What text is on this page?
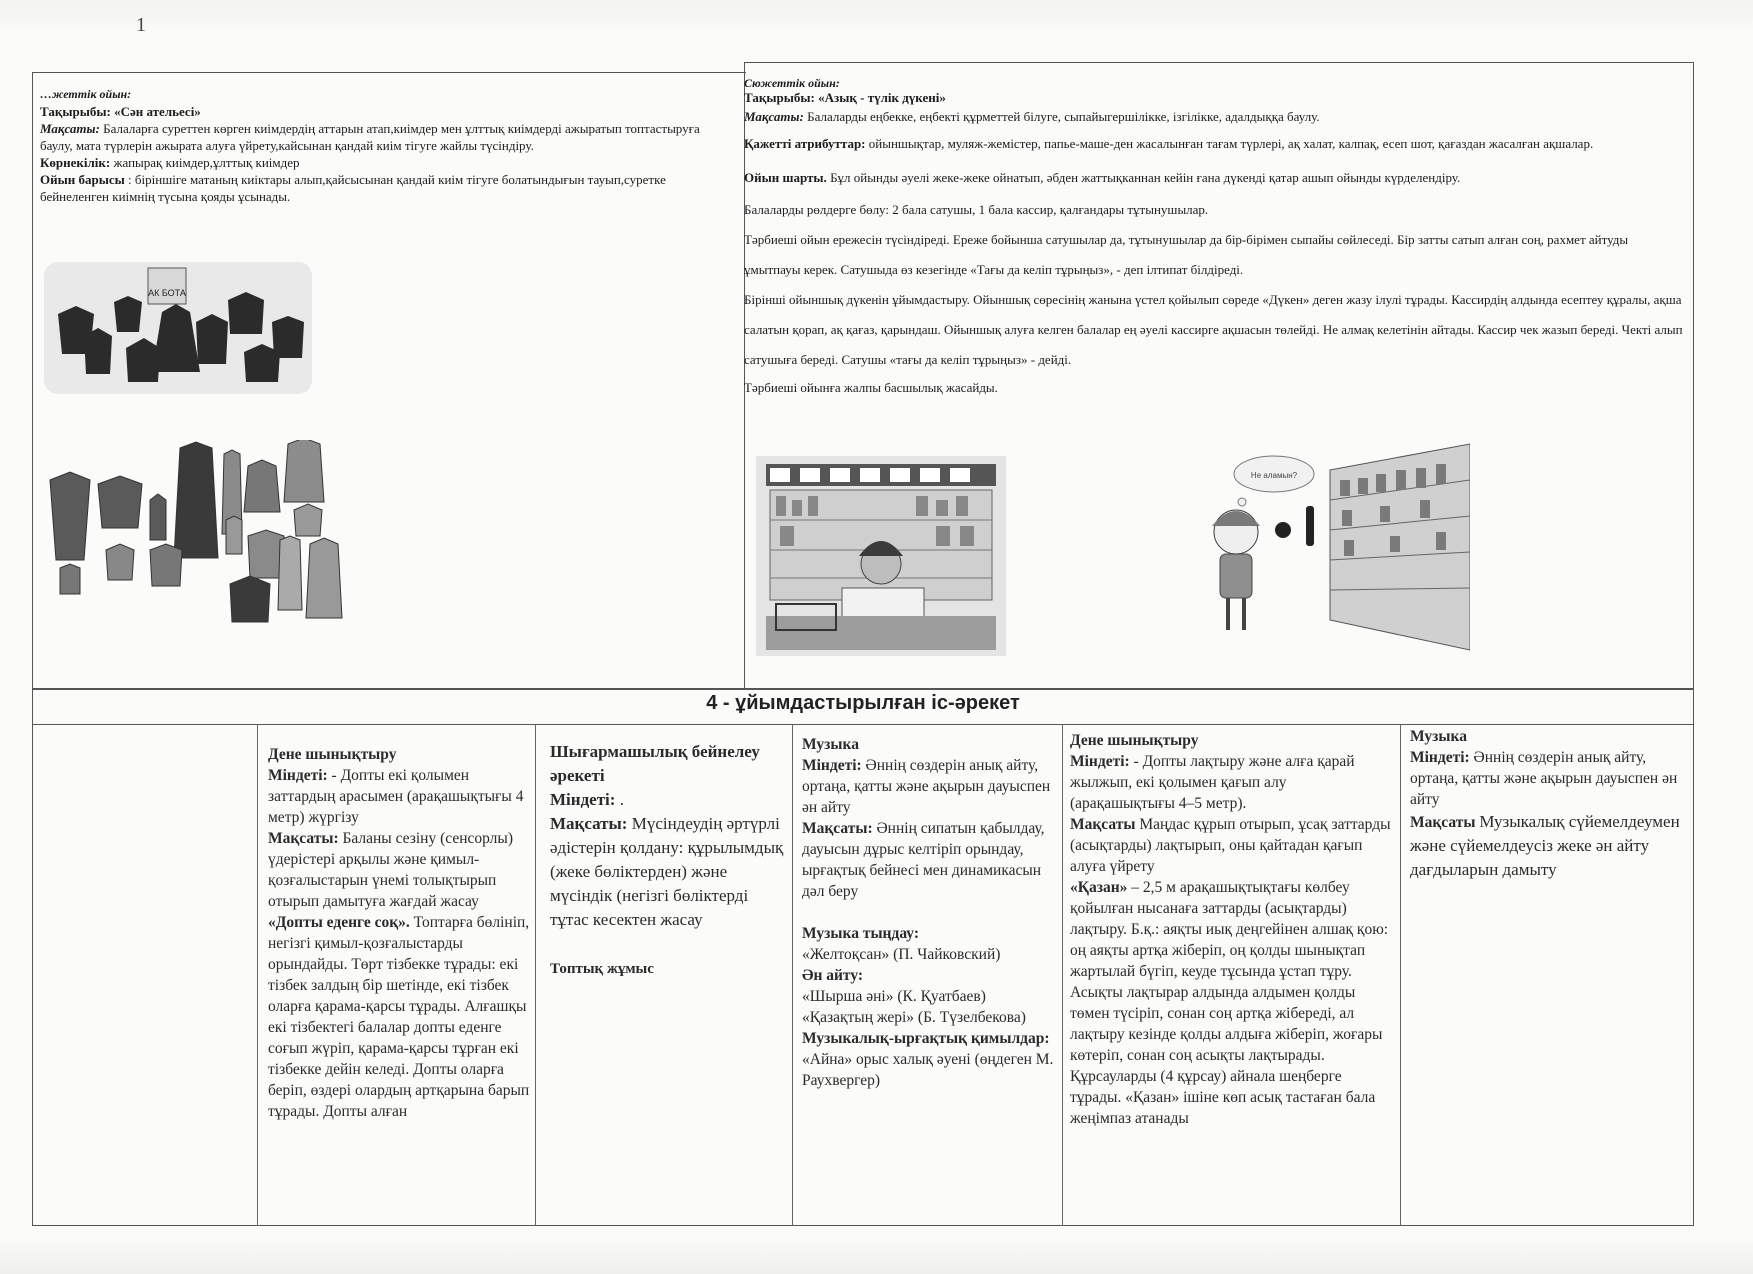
1
…жеттік ойын:
Тақырыбы: «Сән ательесі»
Мақсаты: Балаларға суреттен көрген киімдердің аттарын атап,киімдер мен ұлттық киімдерді ажыратып топтастыруға баулу, мата түрлерін ажырата алуға үйрету,кайсынан қандай киім тігуге жайлы түсіндіру.
Көрнекілік: жапырақ киімдер,ұлттық киімдер
Ойын барысы : біріншіге матаның киіктары алып,қайсысынан қандай киім тігуге болатындығын тауып,суретке бейнеленген киімнің түсына қояды ұсынады.
АК БОТА
Сюжеттік ойын:
Тақырыбы: «Азық - түлік дүкені»
Мақсаты: Балаларды еңбекке, еңбекті құрметтей білуге, сыпайыгершілікке, ізгілікке, адалдыққа баулу.
Қажетті атрибуттар: ойыншықтар, муляж-жемістер, папье-маше-ден жасалынған тағам түрлері, ақ халат, калпақ, есеп шот, қағаздан жасалған ақшалар.
Ойын шарты. Бұл ойынды әуелі жеке-жеке ойнатып, әбден жаттықканнан кейін ғана дүкенді қатар ашып ойынды күрделендіру.
Балаларды рөлдерге бөлу: 2 бала сатушы, 1 бала кассир, қалғандары тұтынушылар.
Тәрбиеші ойын ережесін түсіндіреді. Ереже бойынша сатушылар да, тұтынушылар да бір-бірімен сыпайы сөйлеседі. Бір затты сатып алған соң, рахмет айтуды ұмытпауы керек. Сатушыда өз кезегінде «Тағы да келіп тұрыңыз», - деп ілтипат білдіреді.
Бірінші ойыншық дүкенін ұйымдастыру. Ойыншық сөресінің жанына үстел қойылып сөреде «Дүкен» деген жазу ілулі тұрады. Кассирдің алдында есептеу құралы, ақша салатын қорап, ақ қағаз, қарындаш. Ойыншық алуға келген балалар ең әуелі кассирге ақшасын төлейді. Не алмақ келетінін айтады. Кассир чек жазып береді. Чекті алып сатушыға береді. Сатушы «тағы да келіп тұрыңыз» - дейді.
Тәрбиеші ойынға жалпы басшылық жасайды.
Не аламын?
4 - ұйымдастырылған іс-әрекет
Дене шынықтыру
Міндеті: - Допты екі қолымен заттардың арасымен (арақашықтығы 4 метр) жүргізу
Мақсаты: Баланы сезіну (сенсорлы) үдерістері арқылы және қимыл- қозғалыстарын үнемі толықтырып отырып дамытуға жағдай жасау
«Допты еденге соқ». Топтарға бөлініп, негізгі қимыл-қозғалыстарды орындайды. Төрт тізбекке тұрады: екі тізбек залдың бір шетінде, екі тізбек оларға қарама-қарсы тұрады. Алғашқы екі тізбектегі балалар допты еденге соғып жүріп, қарама-қарсы тұрған екі тізбекке дейін келеді. Допты оларға беріп, өздері олардың артқарына барып тұрады. Допты алған
Шығармашылық бейнелеу әрекеті
Міндеті: .
Мақсаты: Мүсіндеудің әртүрлі әдістерін қолдану: құрылымдық (жеке бөліктерден) және мүсіндік (негізгі бөліктерді тұтас кесектен жасау

Топтық жұмыс
Музыка
Міндеті: Әннің сөздерін анық айту, ортаңа, қатты және ақырын дауыспен ән айту
Мақсаты: Әннің сипатын қабылдау, дауысын дұрыс келтіріп орындау, ырғақтық бейнесі мен динамикасын дәл беру

Музыка тыңдау:
«Желтоқсан» (П. Чайковский)

Ән айту:
«Шырша әні» (К. Қуатбаев)
«Қазақтың жері» (Б. Түзелбекова)

Музыкалық-ырғақтық қимылдар:
«Айна» орыс халық әуені (өңдеген М. Раухвергер)
Дене шынықтыру
Міндеті: - Допты лақтыру және алға қарай жылжып, екі қолымен қағып алу (арақашықтығы 4–5 метр).
Мақсаты Маңдас құрып отырып, ұсақ заттарды (асықтарды) лақтырып, оны қайтадан қағып алуға үйрету
«Қазан» – 2,5 м арақашықтықтағы көлбеу қойылған нысанаға заттарды (асықтарды) лақтыру. Б.қ.: аяқты иық деңгейінен алшақ қою: оң аяқты артқа жіберіп, оң қолды шынықтап жартылай бүгіп, кеуде тұсында ұстап тұру. Асықты лақтырар алдында алдымен қолды төмен түсіріп, сонан соң артқа жібереді, ал лақтыру кезінде қолды алдыға жіберіп, жоғары көтеріп, сонан соң асықты лақтырады. Құрсауларды (4 құрсау) айнала шеңберге тұрады. «Қазан» ішіне көп асық тастаған бала жеңімпаз атанады
Музыка
Міндеті: Әннің сөздерін анық айту, ортаңа, қатты және ақырын дауыспен ән айту
Мақсаты Музыкалық сүйемелдеумен және сүйемелдеусіз жеке ән айту дағдыларын дамыту
